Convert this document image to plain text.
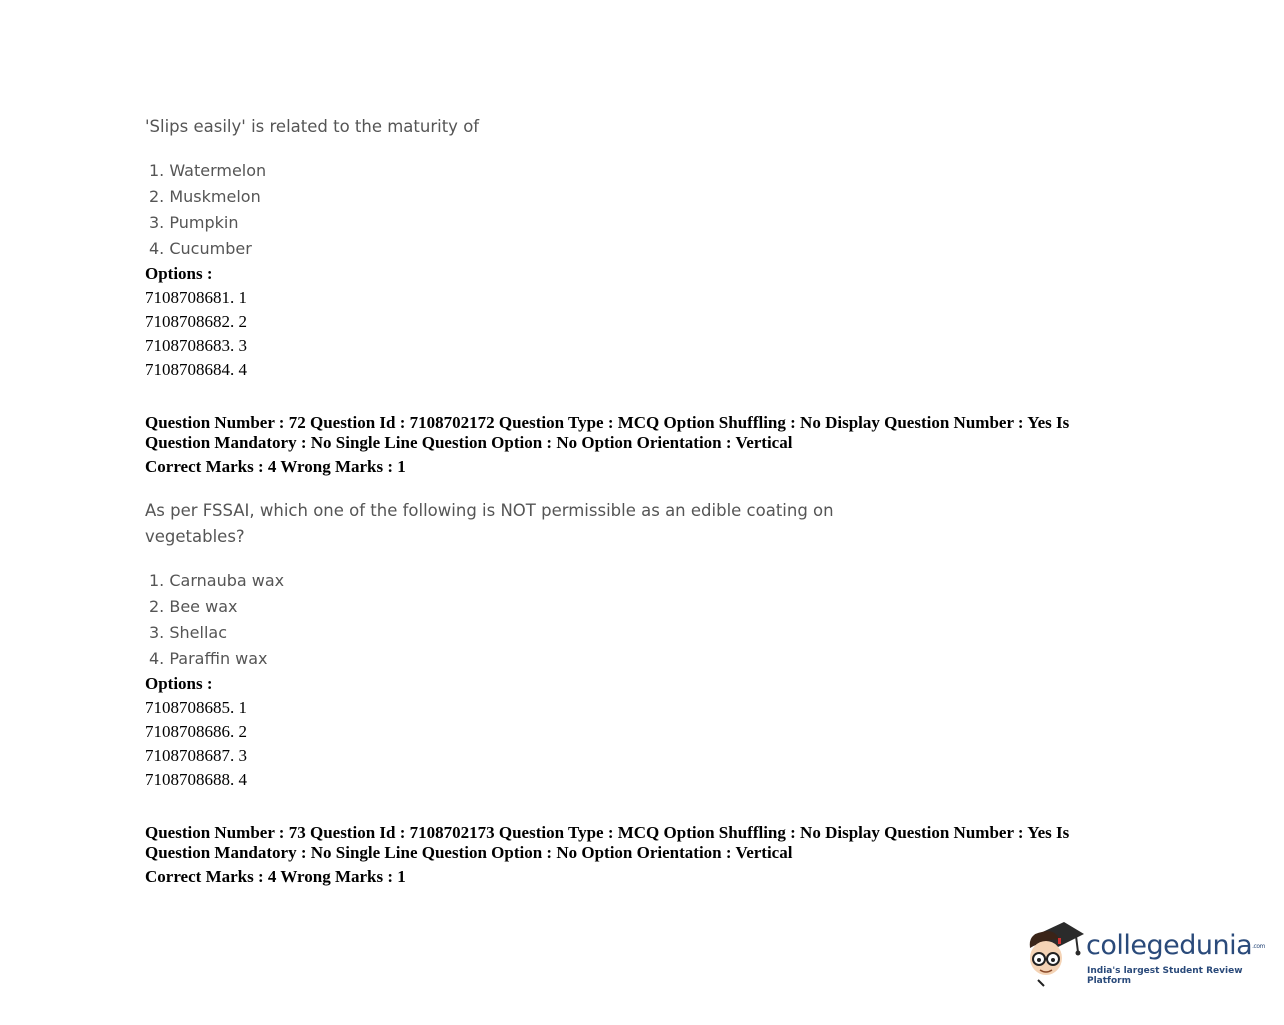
'Slips easily' is related to the maturity of
1. Watermelon
2. Muskmelon
3. Pumpkin
4. Cucumber
Options :
7108708681. 1
7108708682. 2
7108708683. 3
7108708684. 4
Question Number : 72 Question Id : 7108702172 Question Type : MCQ Option Shuffling : No Display Question Number : Yes Is
Question Mandatory : No Single Line Question Option : No Option Orientation : Vertical
Correct Marks : 4 Wrong Marks : 1
As per FSSAI, which one of the following is NOT permissible as an edible coating on
vegetables?
1. Carnauba wax
2. Bee wax
3. Shellac
4. Paraffin wax
Options :
7108708685. 1
7108708686. 2
7108708687. 3
7108708688. 4
Question Number : 73 Question Id : 7108702173 Question Type : MCQ Option Shuffling : No Display Question Number : Yes Is
Question Mandatory : No Single Line Question Option : No Option Orientation : Vertical
Correct Marks : 4 Wrong Marks : 1
collegedunia.com
India's largest Student Review Platform
